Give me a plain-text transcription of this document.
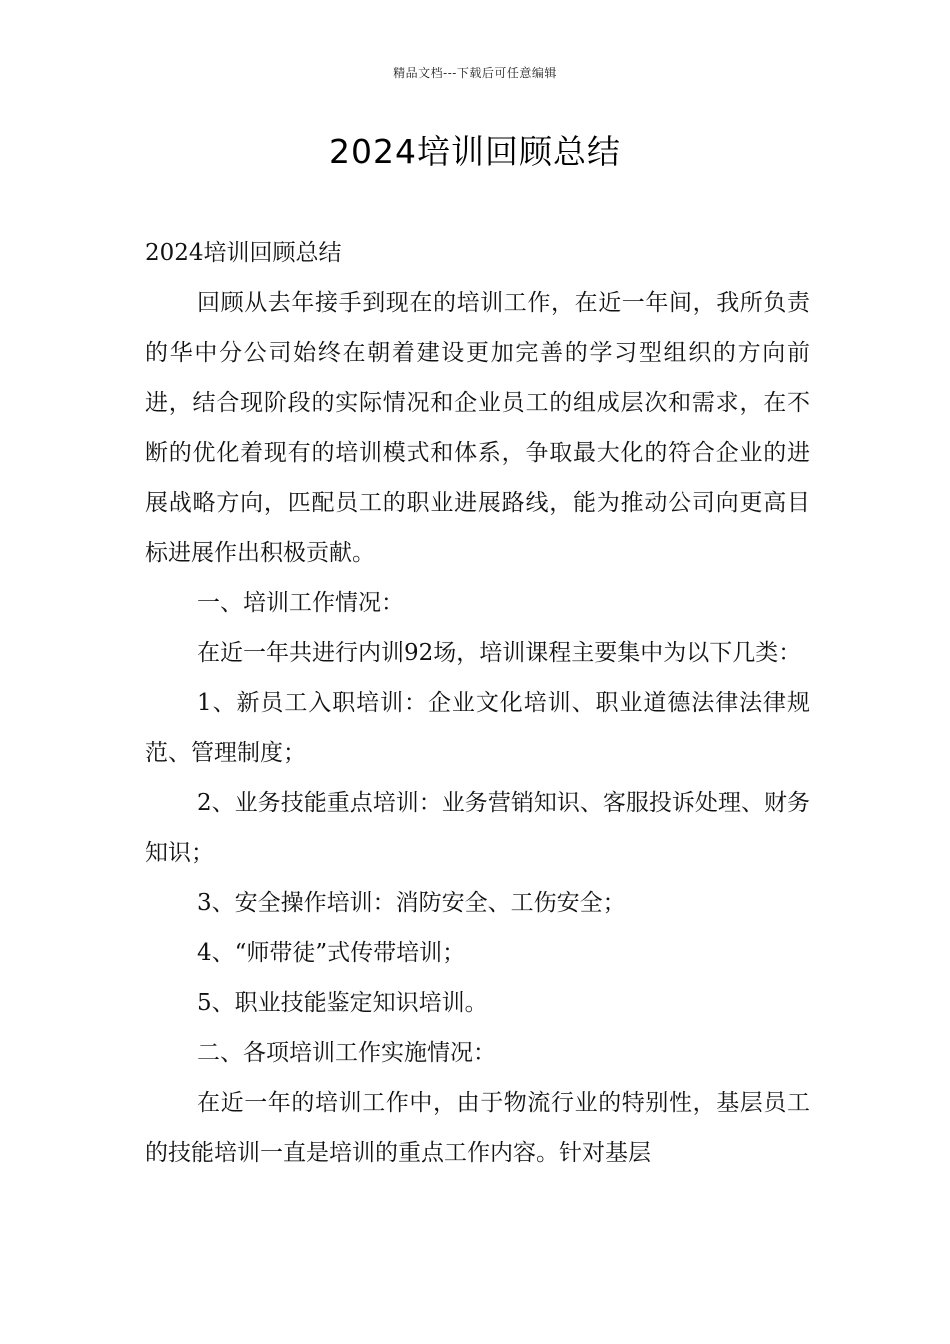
精品文档---下载后可任意编辑
2024培训回顾总结

2024培训回顾总结

回顾从去年接手到现在的培训工作，在近一年间，我所负责的华中分公司始终在朝着建设更加完善的学习型组织的方向前进，结合现阶段的实际情况和企业员工的组成层次和需求，在不断的优化着现有的培训模式和体系，争取最大化的符合企业的进展战略方向，匹配员工的职业进展路线，能为推动公司向更高目标进展作出积极贡献。

一、培训工作情况：

在近一年共进行内训92场，培训课程主要集中为以下几类：

1、新员工入职培训：企业文化培训、职业道德法律法律规范、管理制度；

2、业务技能重点培训：业务营销知识、客服投诉处理、财务知识；

3、安全操作培训：消防安全、工伤安全；

4、“师带徒”式传带培训；

5、职业技能鉴定知识培训。

二、各项培训工作实施情况：

在近一年的培训工作中，由于物流行业的特别性，基层员工的技能培训一直是培训的重点工作内容。针对基层
